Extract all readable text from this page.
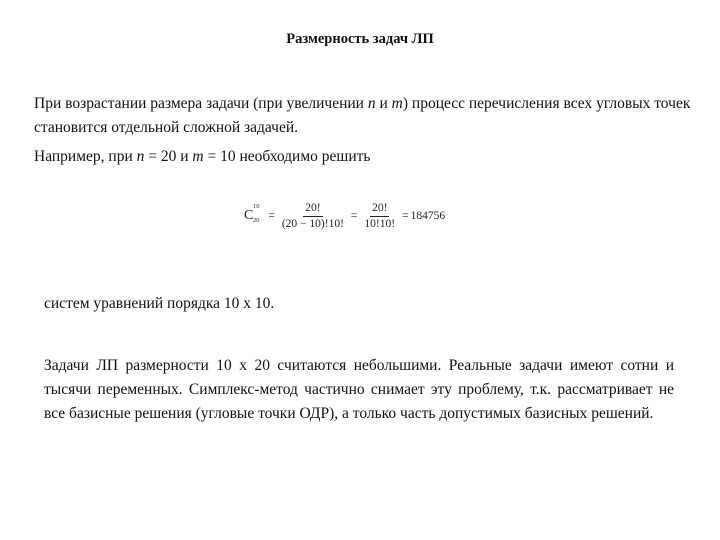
Размерность задач ЛП
При возрастании размера задачи (при увеличении n и m) процесс перечисления всех угловых точек становится отдельной сложной задачей.
Например, при n = 20 и m = 10 необходимо решить
C
10
$20 = \frac{20!}{(20 - 10)!10!} = \frac{20!}{10!10!} = 184756$
систем уравнений порядка 10 x 10.
Задачи ЛП размерности 10 x 20 считаются небольшими. Реальные задачи имеют сотни и тысячи переменных. Симплекс-метод частично снимает эту проблему, т.к. рассматривает не все базисные решения (угловые точки ОДР), а только часть допустимых базисных решений.
